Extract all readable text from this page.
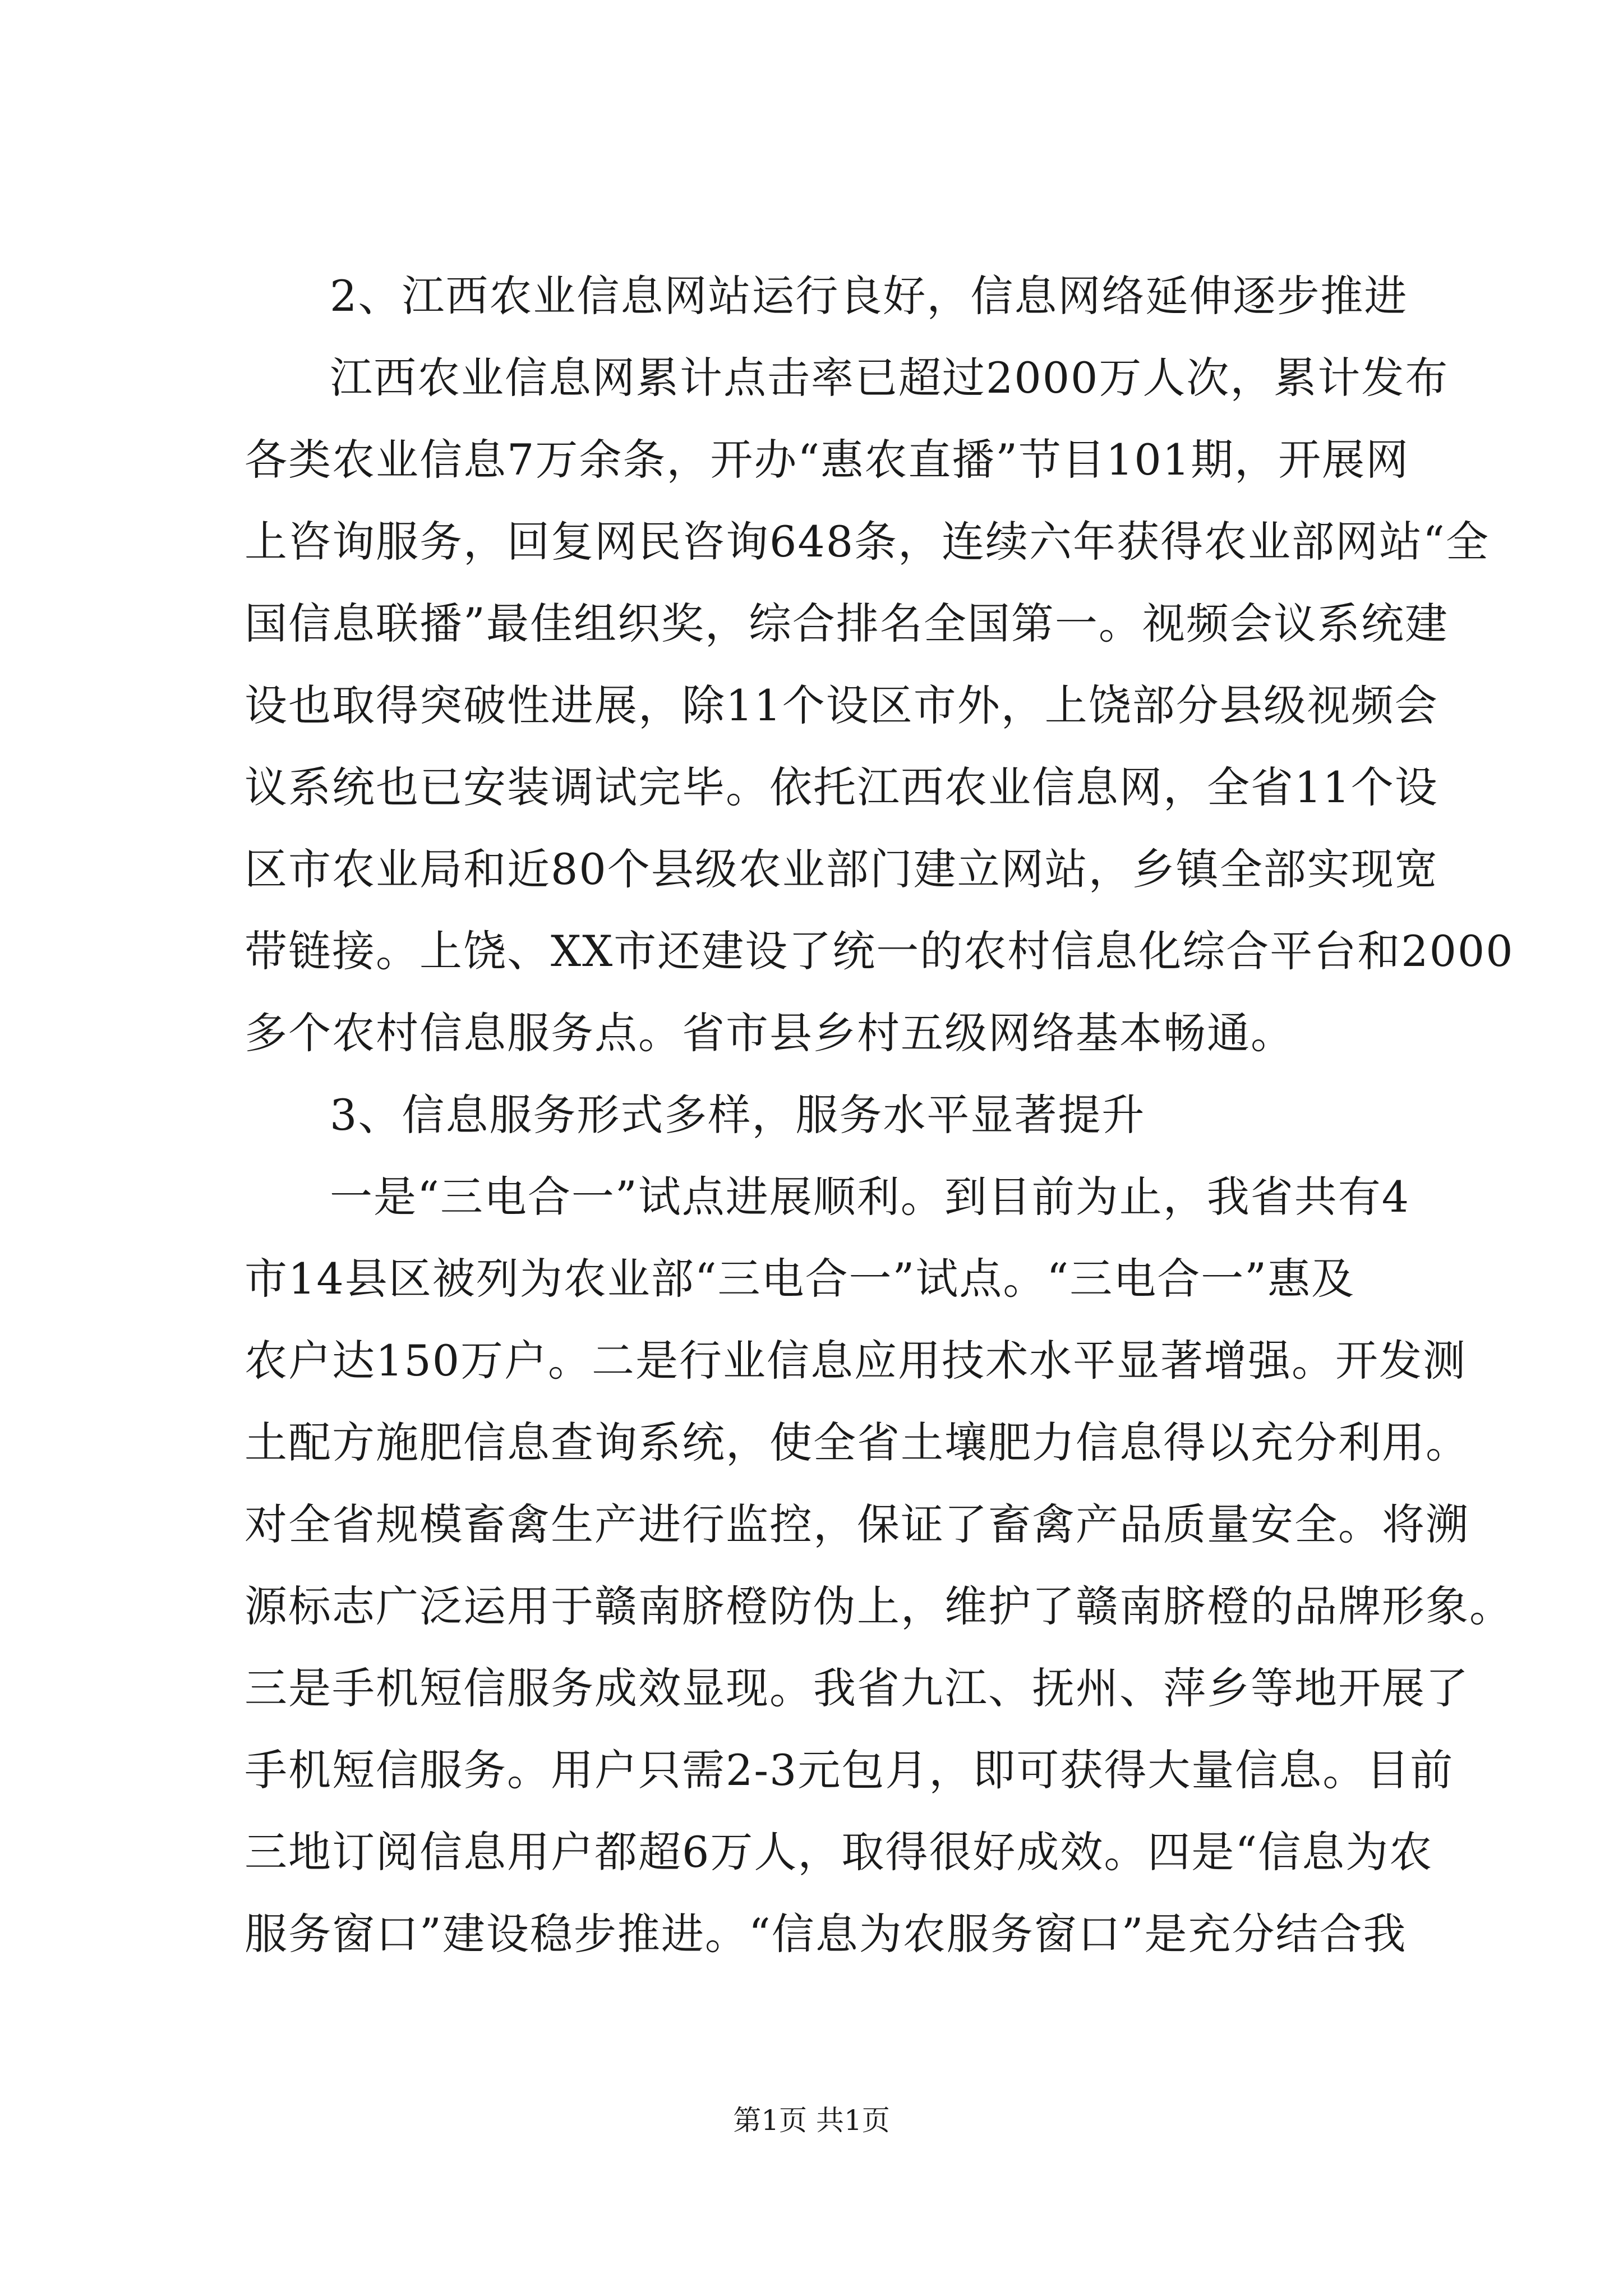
2、江西农业信息网站运行良好，信息网络延伸逐步推进
江西农业信息网累计点击率已超过2000万人次，累计发布
各类农业信息7万余条，开办“惠农直播”节目101期，开展网
上咨询服务，回复网民咨询648条，连续六年获得农业部网站“全
国信息联播”最佳组织奖，综合排名全国第一。视频会议系统建
设也取得突破性进展，除11个设区市外，上饶部分县级视频会
议系统也已安装调试完毕。依托江西农业信息网，全省11个设
区市农业局和近80个县级农业部门建立网站，乡镇全部实现宽
带链接。上饶、XX市还建设了统一的农村信息化综合平台和2000
多个农村信息服务点。省市县乡村五级网络基本畅通。
3、信息服务形式多样，服务水平显著提升
一是“三电合一”试点进展顺利。到目前为止，我省共有4
市14县区被列为农业部“三电合一”试点。“三电合一”惠及
农户达150万户。二是行业信息应用技术水平显著增强。开发测
土配方施肥信息查询系统，使全省土壤肥力信息得以充分利用。
对全省规模畜禽生产进行监控，保证了畜禽产品质量安全。将溯
源标志广泛运用于赣南脐橙防伪上，维护了赣南脐橙的品牌形象。
三是手机短信服务成效显现。我省九江、抚州、萍乡等地开展了
手机短信服务。用户只需2-3元包月，即可获得大量信息。目前
三地订阅信息用户都超6万人，取得很好成效。四是“信息为农
服务窗口”建设稳步推进。“信息为农服务窗口”是充分结合我
第1页 共1页
